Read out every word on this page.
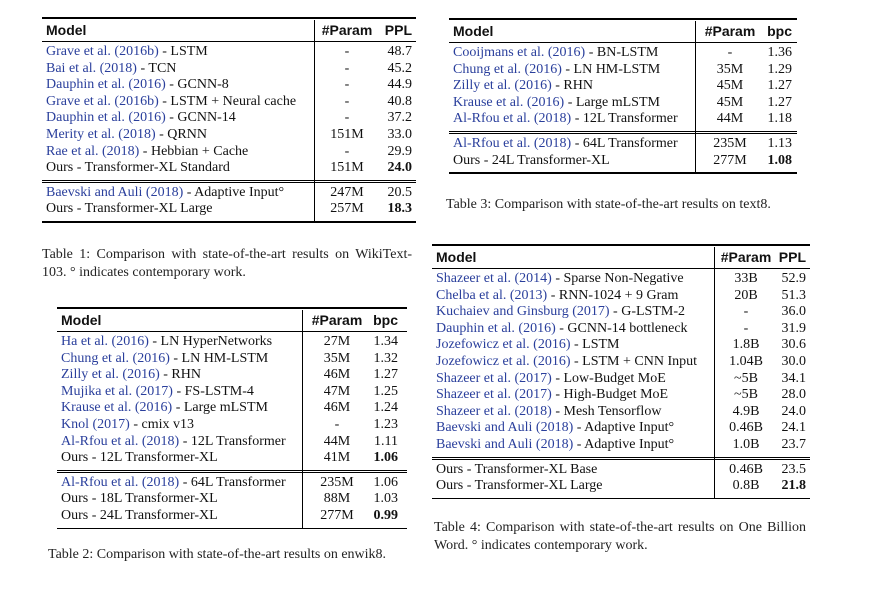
Model	#Param PPL
Grave et al. (2016b) - LSTM	-	48.7
Bai et al. (2018) - TCN	-	45.2
Dauphin et al. (2016) - GCNN-8	-	44.9
Grave et al. (2016b) - LSTM + Neural cache	-	40.8
Dauphin et al. (2016) - GCNN-14	-	37.2
Merity et al. (2018) - QRNN	151M	33.0
Rae et al. (2018) - Hebbian + Cache	-	29.9
Ours - Transformer-XL Standard	151M	24.0
Baevski and Auli (2018) - Adaptive Input°	247M	20.5
Ours - Transformer-XL Large	257M	18.3
Table 1: Comparison with state-of-the-art results on WikiText-103. ° indicates contemporary work.
Model	#Param bpc
Ha et al. (2016) - LN HyperNetworks	27M	1.34
Chung et al. (2016) - LN HM-LSTM	35M	1.32
Zilly et al. (2016) - RHN	46M	1.27
Mujika et al. (2017) - FS-LSTM-4	47M	1.25
Krause et al. (2016) - Large mLSTM	46M	1.24
Knol (2017) - cmix v13	-	1.23
Al-Rfou et al. (2018) - 12L Transformer	44M	1.11
Ours - 12L Transformer-XL	41M	1.06
Al-Rfou et al. (2018) - 64L Transformer	235M	1.06
Ours - 18L Transformer-XL	88M	1.03
Ours - 24L Transformer-XL	277M	0.99
Table 2: Comparison with state-of-the-art results on enwik8.
Model	#Param bpc
Cooijmans et al. (2016) - BN-LSTM	-	1.36
Chung et al. (2016) - LN HM-LSTM	35M	1.29
Zilly et al. (2016) - RHN	45M	1.27
Krause et al. (2016) - Large mLSTM	45M	1.27
Al-Rfou et al. (2018) - 12L Transformer	44M	1.18
Al-Rfou et al. (2018) - 64L Transformer	235M	1.13
Ours - 24L Transformer-XL	277M	1.08
Table 3: Comparison with state-of-the-art results on text8.
Model	#Param PPL
Shazeer et al. (2014) - Sparse Non-Negative	33B	52.9
Chelba et al. (2013) - RNN-1024 + 9 Gram	20B	51.3
Kuchaiev and Ginsburg (2017) - G-LSTM-2	-	36.0
Dauphin et al. (2016) - GCNN-14 bottleneck	-	31.9
Jozefowicz et al. (2016) - LSTM	1.8B	30.6
Jozefowicz et al. (2016) - LSTM + CNN Input	1.04B	30.0
Shazeer et al. (2017) - Low-Budget MoE	~5B	34.1
Shazeer et al. (2017) - High-Budget MoE	~5B	28.0
Shazeer et al. (2018) - Mesh Tensorflow	4.9B	24.0
Baevski and Auli (2018) - Adaptive Input°	0.46B	24.1
Baevski and Auli (2018) - Adaptive Input°	1.0B	23.7
Ours - Transformer-XL Base	0.46B	23.5
Ours - Transformer-XL Large	0.8B	21.8
Table 4: Comparison with state-of-the-art results on One Billion Word. ° indicates contemporary work.
